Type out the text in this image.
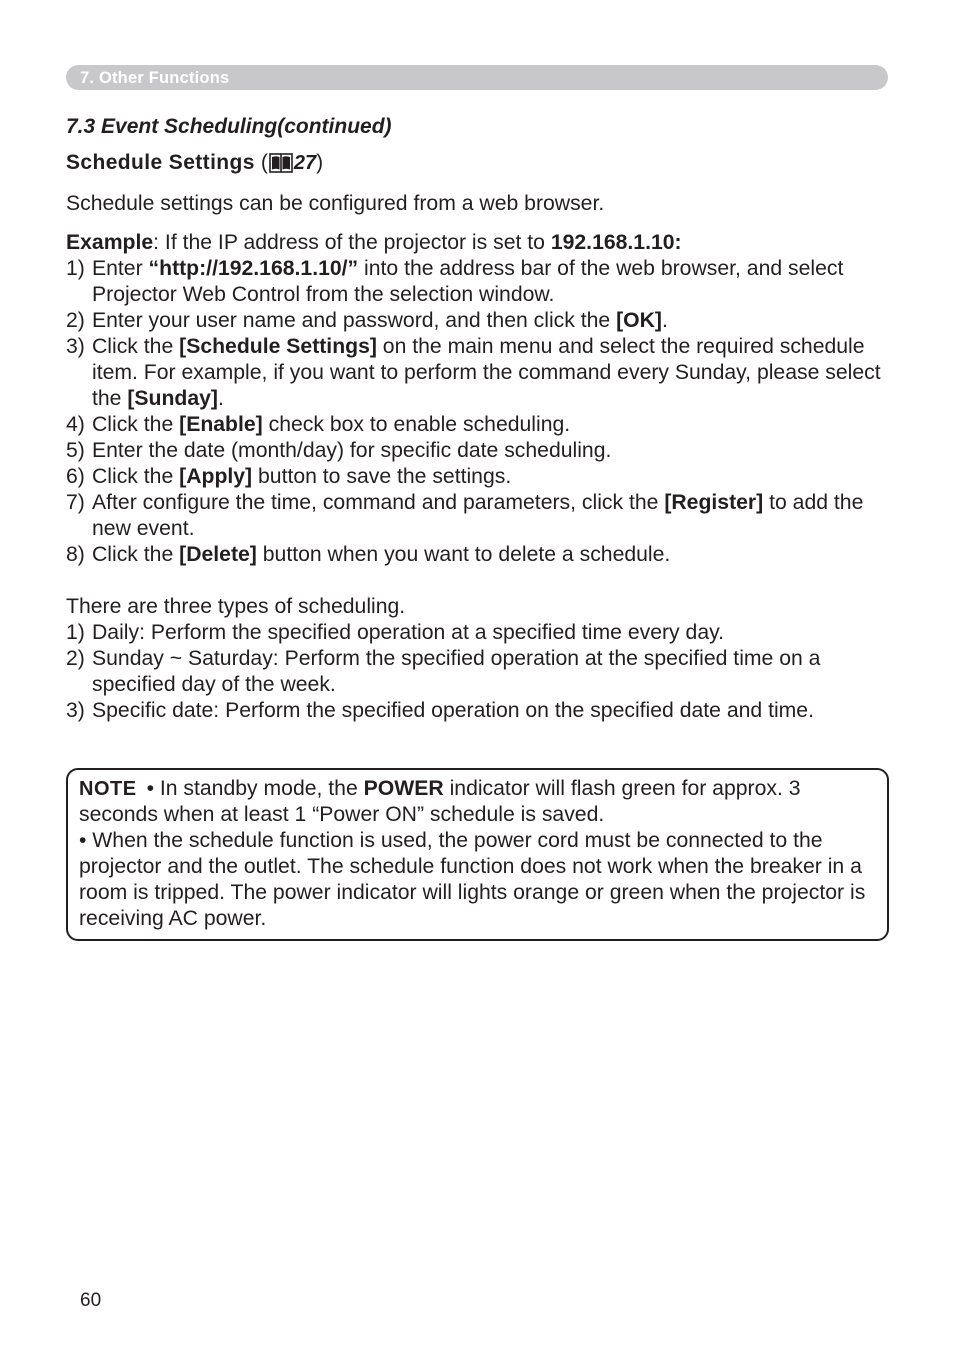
7. Other Functions
7.3 Event Scheduling(continued)
Schedule Settings ( 27 )

Schedule settings can be configured from a web browser.

Example: If the IP address of the projector is set to 192.168.1.10:

1) Enter “http://192.168.1.10/” into the address bar of the web browser, and select Projector Web Control from the selection window.
2) Enter your user name and password, and then click the [OK].
3) Click the [Schedule Settings] on the main menu and select the required schedule item. For example, if you want to perform the command every Sunday, please select the [Sunday].
4) Click the [Enable] check box to enable scheduling.
5) Enter the date (month/day) for specific date scheduling.
6) Click the [Apply] button to save the settings.
7) After configure the time, command and parameters, click the [Register] to add the new event.
8) Click the [Delete] button when you want to delete a schedule.

There are three types of scheduling.

1) Daily: Perform the specified operation at a specified time every day.
2) Sunday ~ Saturday: Perform the specified operation at the specified time on a specified day of the week.
3) Specific date: Perform the specified operation on the specified date and time.

NOTE • In standby mode, the POWER indicator will flash green for approx. 3 seconds when at least 1 “Power ON” schedule is saved.

• When the schedule function is used, the power cord must be connected to the projector and the outlet. The schedule function does not work when the breaker in a room is tripped. The power indicator will lights orange or green when the projector is receiving AC power.

60
